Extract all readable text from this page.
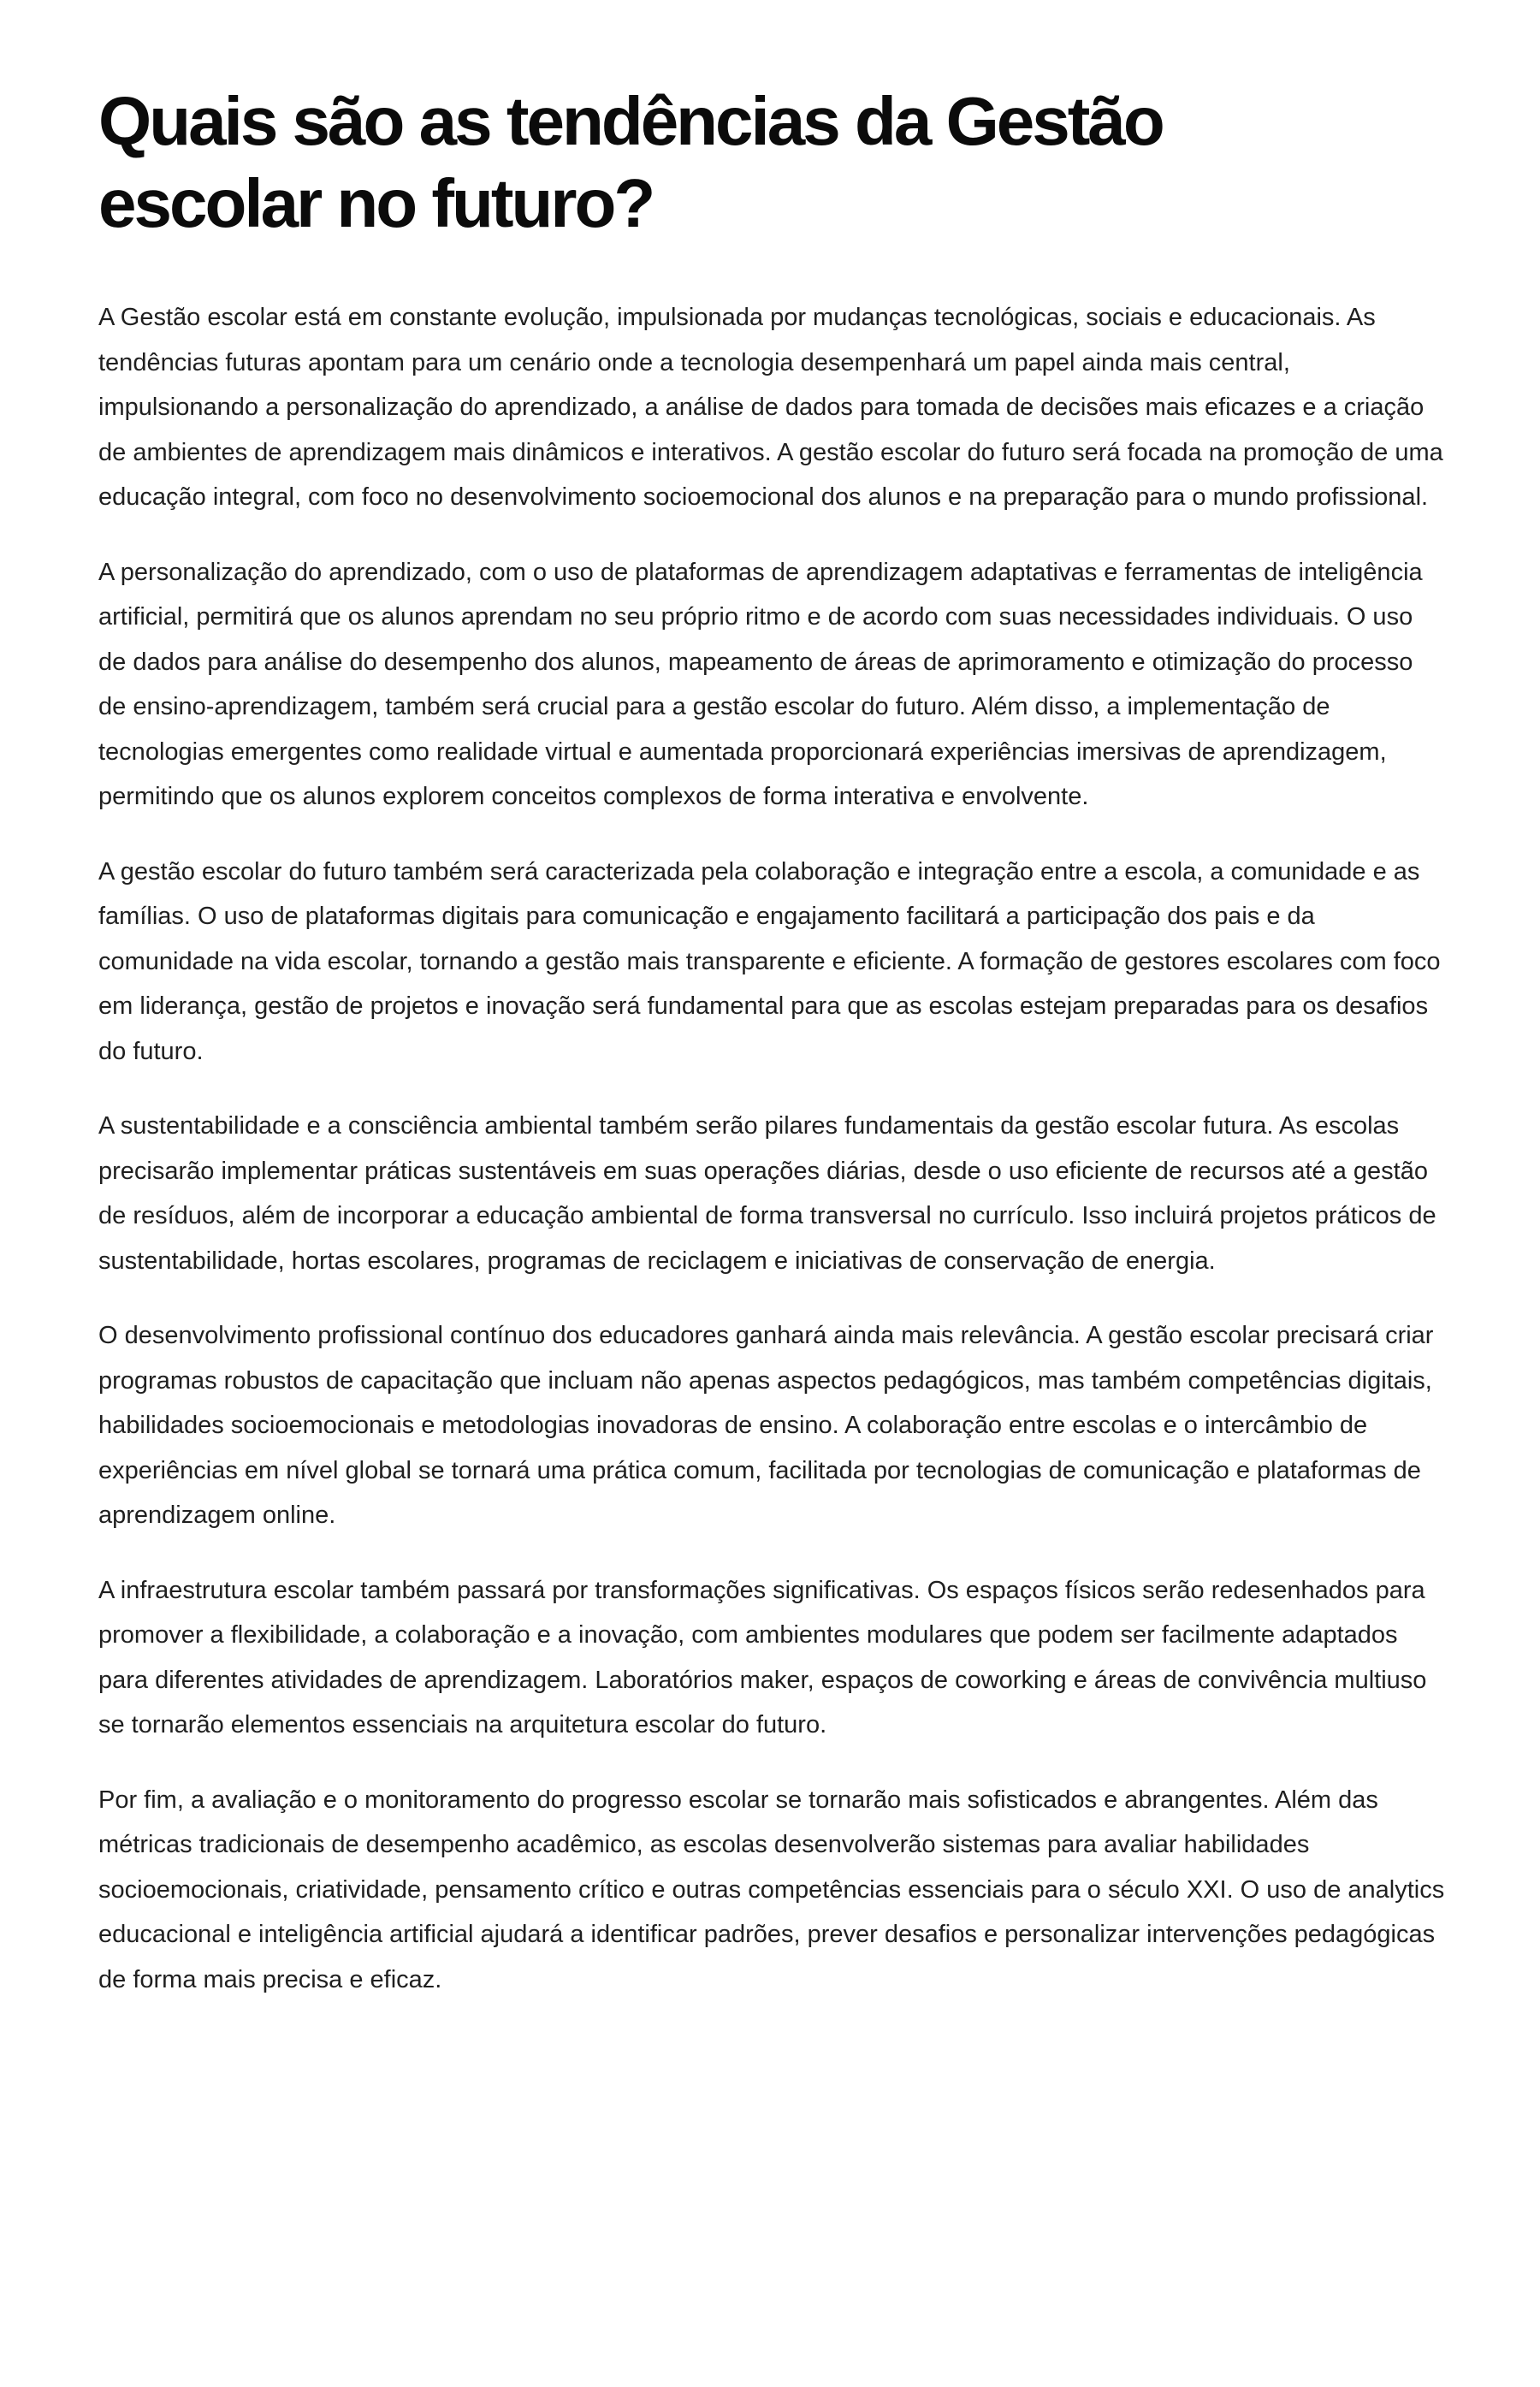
Quais são as tendências da Gestão escolar no futuro?

A Gestão escolar está em constante evolução, impulsionada por mudanças tecnológicas, sociais e educacionais. As tendências futuras apontam para um cenário onde a tecnologia desempenhará um papel ainda mais central, impulsionando a personalização do aprendizado, a análise de dados para tomada de decisões mais eficazes e a criação de ambientes de aprendizagem mais dinâmicos e interativos. A gestão escolar do futuro será focada na promoção de uma educação integral, com foco no desenvolvimento socioemocional dos alunos e na preparação para o mundo profissional.

A personalização do aprendizado, com o uso de plataformas de aprendizagem adaptativas e ferramentas de inteligência artificial, permitirá que os alunos aprendam no seu próprio ritmo e de acordo com suas necessidades individuais. O uso de dados para análise do desempenho dos alunos, mapeamento de áreas de aprimoramento e otimização do processo de ensino-aprendizagem, também será crucial para a gestão escolar do futuro. Além disso, a implementação de tecnologias emergentes como realidade virtual e aumentada proporcionará experiências imersivas de aprendizagem, permitindo que os alunos explorem conceitos complexos de forma interativa e envolvente.

A gestão escolar do futuro também será caracterizada pela colaboração e integração entre a escola, a comunidade e as famílias. O uso de plataformas digitais para comunicação e engajamento facilitará a participação dos pais e da comunidade na vida escolar, tornando a gestão mais transparente e eficiente. A formação de gestores escolares com foco em liderança, gestão de projetos e inovação será fundamental para que as escolas estejam preparadas para os desafios do futuro.

A sustentabilidade e a consciência ambiental também serão pilares fundamentais da gestão escolar futura. As escolas precisarão implementar práticas sustentáveis em suas operações diárias, desde o uso eficiente de recursos até a gestão de resíduos, além de incorporar a educação ambiental de forma transversal no currículo. Isso incluirá projetos práticos de sustentabilidade, hortas escolares, programas de reciclagem e iniciativas de conservação de energia.

O desenvolvimento profissional contínuo dos educadores ganhará ainda mais relevância. A gestão escolar precisará criar programas robustos de capacitação que incluam não apenas aspectos pedagógicos, mas também competências digitais, habilidades socioemocionais e metodologias inovadoras de ensino. A colaboração entre escolas e o intercâmbio de experiências em nível global se tornará uma prática comum, facilitada por tecnologias de comunicação e plataformas de aprendizagem online.

A infraestrutura escolar também passará por transformações significativas. Os espaços físicos serão redesenhados para promover a flexibilidade, a colaboração e a inovação, com ambientes modulares que podem ser facilmente adaptados para diferentes atividades de aprendizagem. Laboratórios maker, espaços de coworking e áreas de convivência multiuso se tornarão elementos essenciais na arquitetura escolar do futuro.

Por fim, a avaliação e o monitoramento do progresso escolar se tornarão mais sofisticados e abrangentes. Além das métricas tradicionais de desempenho acadêmico, as escolas desenvolverão sistemas para avaliar habilidades socioemocionais, criatividade, pensamento crítico e outras competências essenciais para o século XXI. O uso de analytics educacional e inteligência artificial ajudará a identificar padrões, prever desafios e personalizar intervenções pedagógicas de forma mais precisa e eficaz.
